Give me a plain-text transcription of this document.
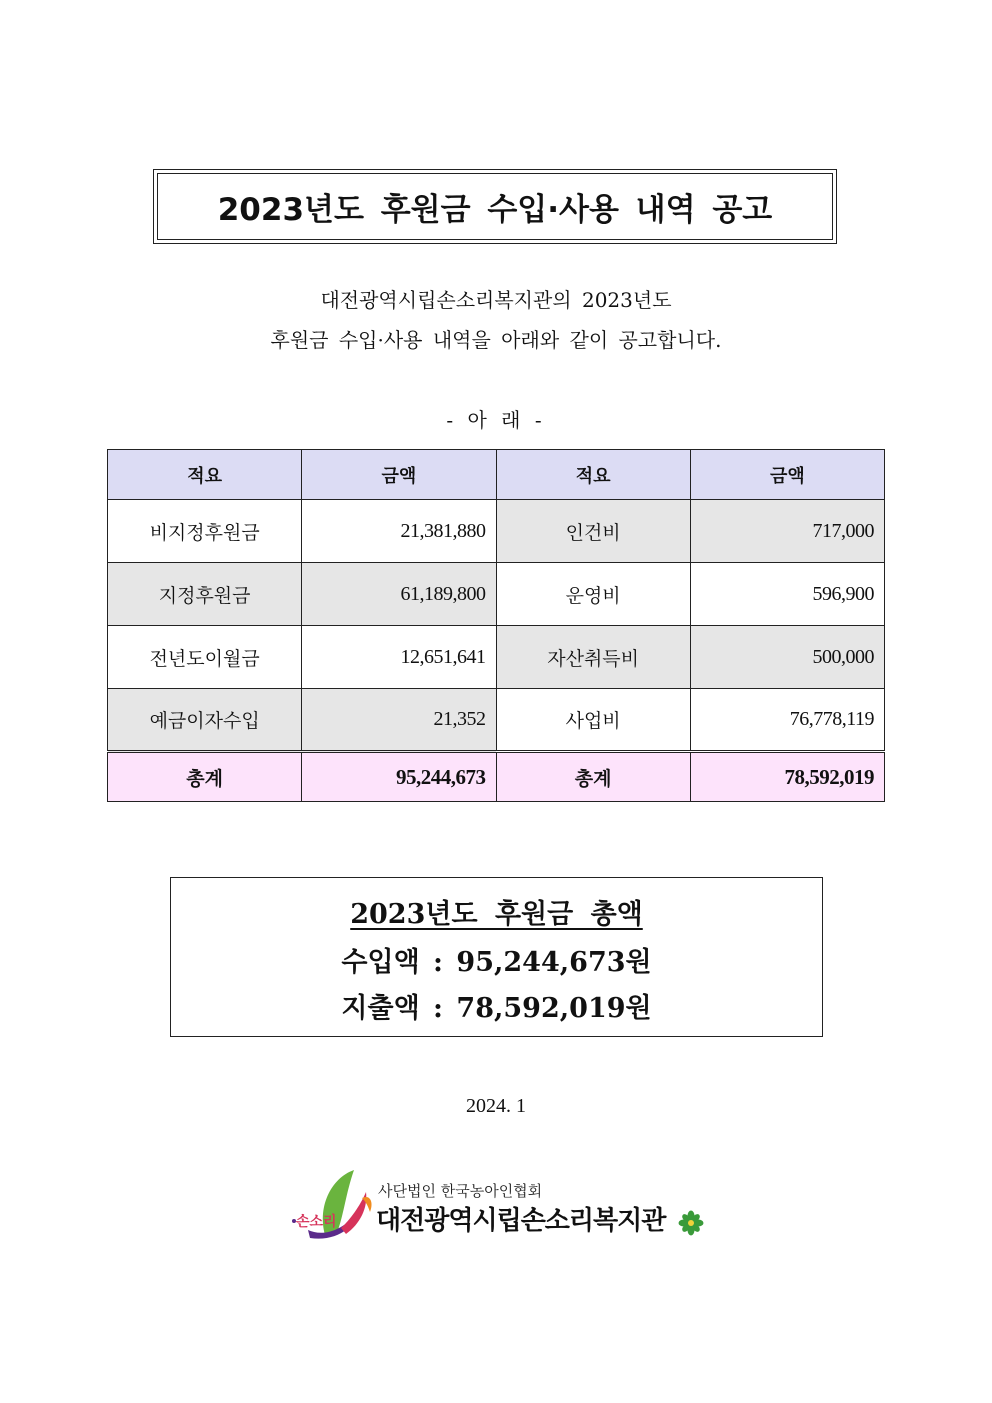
2023년도 후원금 수입·사용 내역 공고
대전광역시립손소리복지관의 2023년도
후원금 수입·사용 내역을 아래와 같이 공고합니다.
- 아 래 -
적요	금액	적요	금액
비지정후원금	21,381,880	인건비	717,000
지정후원금	61,189,800	운영비	596,900
전년도이월금	12,651,641	자산취득비	500,000
예금이자수입	21,352	사업비	76,778,119
총계	95,244,673	총계	78,592,019
2023년도 후원금 총액
수입액 : 95,244,673원
지출액 : 78,592,019원
2024. 1
손소리
사단법인 한국농아인협회
대전광역시립손소리복지관
